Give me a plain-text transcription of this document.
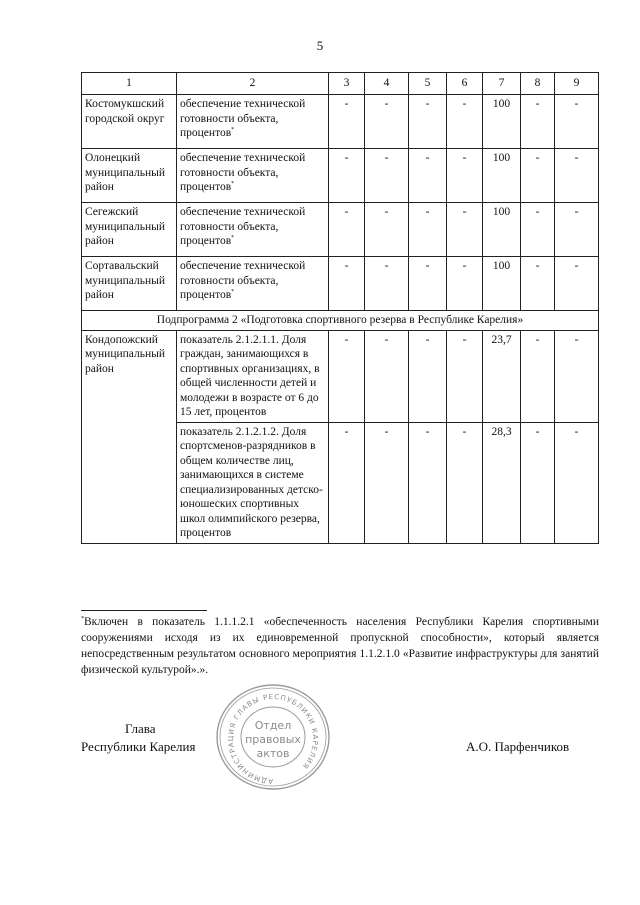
5
1	2	3	4	5	6	7	8	9
Костомукшский городской округ	обеспечение технической готовности объекта, процентов*	-	-	-	-	100	-	-
Олонецкий муниципальный район	обеспечение технической готовности объекта, процентов*	-	-	-	-	100	-	-
Сегежский муниципальный район	обеспечение технической готовности объекта, процентов*	-	-	-	-	100	-	-
Сортавальский муниципальный район	обеспечение технической готовности объекта, процентов*	-	-	-	-	100	-	-
Подпрограмма 2 «Подготовка спортивного резерва в Республике Карелия»								
Кондопожский муниципальный район	показатель 2.1.2.1.1. Доля граждан, занимающихся в спортивных организациях, в общей численности детей и молодежи в возрасте от 6 до 15 лет, процентов	-	-	-	-	23,7	-	-
	показатель 2.1.2.1.2. Доля спортсменов-разрядников в общем количестве лиц, занимающихся в системе специализированных детско-юношеских спортивных школ олимпийского резерва, процентов	-	-	-	-	28,3	-	-
*Включен в показатель 1.1.1.2.1 «обеспеченность населения Республики Карелия спортивными сооружениями исходя из их единовременной пропускной способности», который является непосредственным результатом основного мероприятия 1.1.2.1.0 «Развитие инфраструктуры для занятий физической культурой».».
Глава
Республики Карелия	А.О. Парфенчиков
АДМИНИСТРАЦИЯ ГЛАВЫ РЕСПУБЛИКИ КАРЕЛИЯ
Отдел
правовых
актов
